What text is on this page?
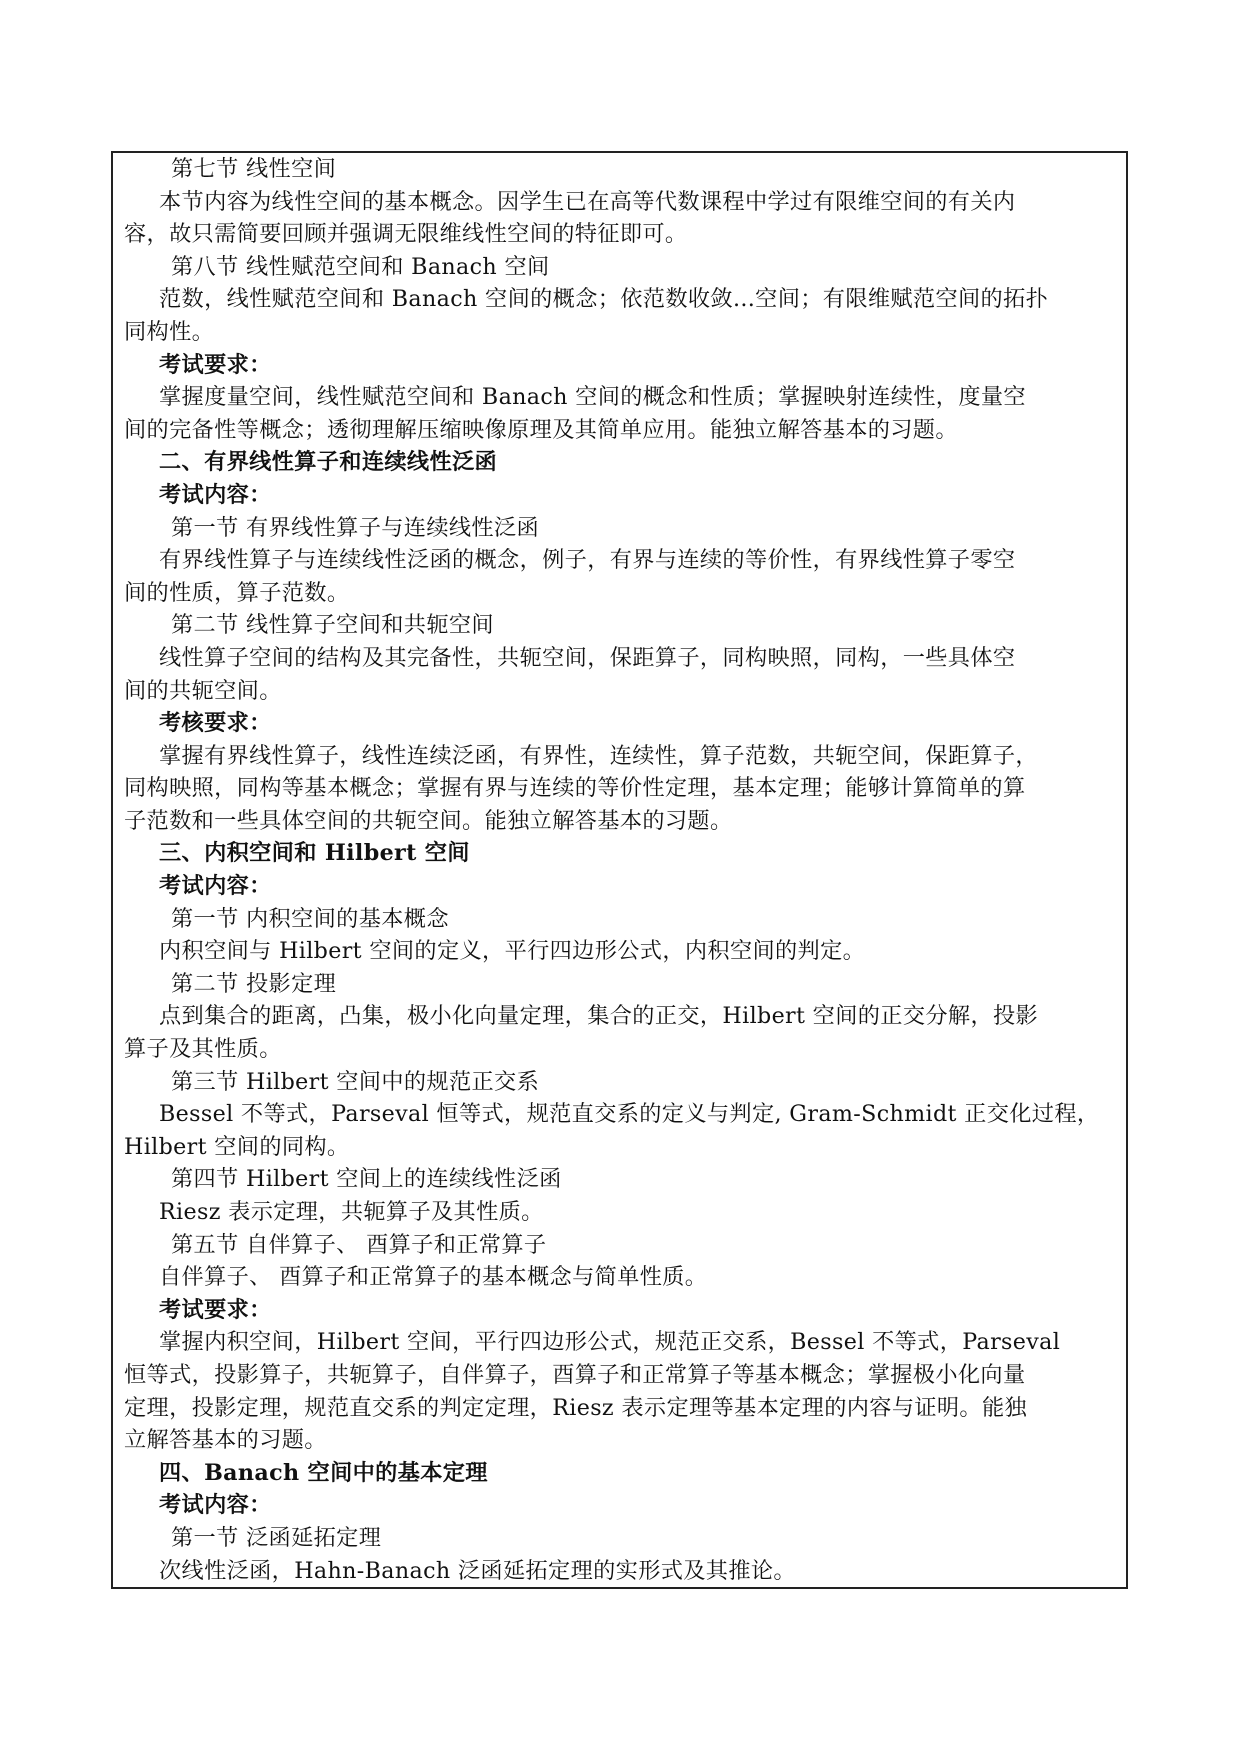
第七节 线性空间
本节内容为线性空间的基本概念。因学生已在高等代数课程中学过有限维空间的有关内
容，故只需简要回顾并强调无限维线性空间的特征即可。
第八节 线性赋范空间和 Banach 空间
范数，线性赋范空间和 Banach 空间的概念；依范数收敛...空间；有限维赋范空间的拓扑
同构性。
考试要求：
掌握度量空间，线性赋范空间和 Banach 空间的概念和性质；掌握映射连续性，度量空
间的完备性等概念；透彻理解压缩映像原理及其简单应用。能独立解答基本的习题。
二、有界线性算子和连续线性泛函
考试内容：
第一节 有界线性算子与连续线性泛函
有界线性算子与连续线性泛函的概念，例子，有界与连续的等价性，有界线性算子零空
间的性质，算子范数。
第二节 线性算子空间和共轭空间
线性算子空间的结构及其完备性，共轭空间，保距算子，同构映照，同构，一些具体空
间的共轭空间。
考核要求：
掌握有界线性算子，线性连续泛函，有界性，连续性，算子范数，共轭空间，保距算子，
同构映照，同构等基本概念；掌握有界与连续的等价性定理，基本定理；能够计算简单的算
子范数和一些具体空间的共轭空间。能独立解答基本的习题。
三、内积空间和 Hilbert 空间
考试内容：
第一节 内积空间的基本概念
内积空间与 Hilbert 空间的定义，平行四边形公式，内积空间的判定。
第二节 投影定理
点到集合的距离，凸集，极小化向量定理，集合的正交，Hilbert 空间的正交分解，投影
算子及其性质。
第三节 Hilbert 空间中的规范正交系
Bessel 不等式，Parseval 恒等式，规范直交系的定义与判定, Gram-Schmidt 正交化过程，
Hilbert 空间的同构。
第四节 Hilbert 空间上的连续线性泛函
Riesz 表示定理，共轭算子及其性质。
第五节 自伴算子、 酉算子和正常算子
自伴算子、 酉算子和正常算子的基本概念与简单性质。
考试要求：
掌握内积空间，Hilbert 空间，平行四边形公式，规范正交系，Bessel 不等式，Parseval
恒等式，投影算子，共轭算子，自伴算子，酉算子和正常算子等基本概念；掌握极小化向量
定理，投影定理，规范直交系的判定定理，Riesz 表示定理等基本定理的内容与证明。能独
立解答基本的习题。
四、Banach 空间中的基本定理
考试内容：
第一节 泛函延拓定理
次线性泛函，Hahn-Banach 泛函延拓定理的实形式及其推论。
